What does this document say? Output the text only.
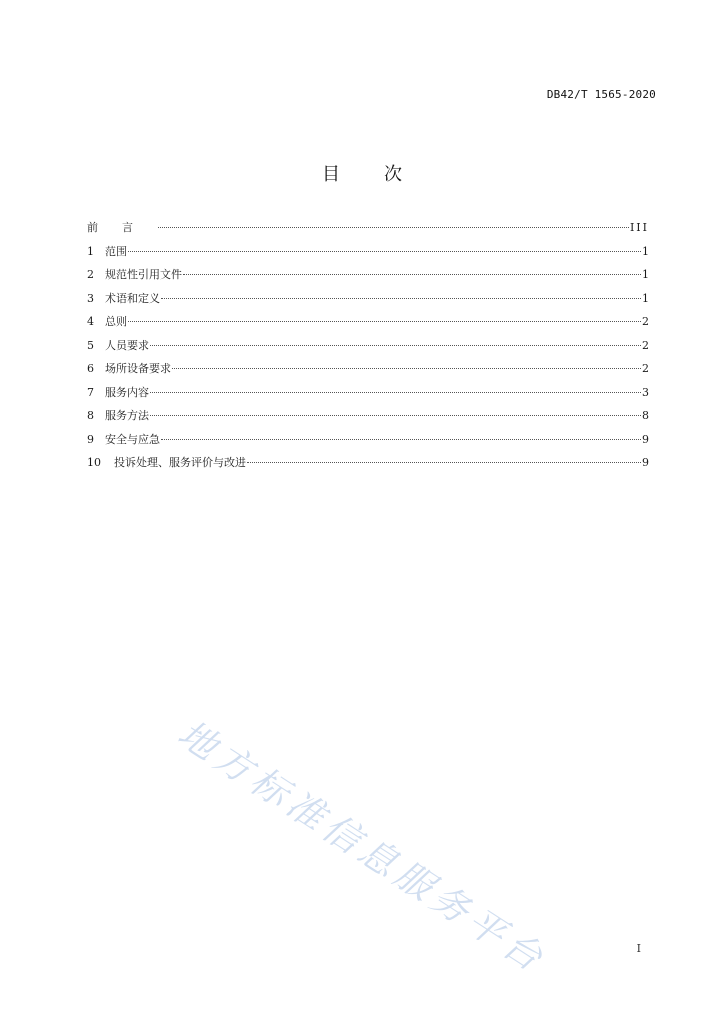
DB42/T 1565-2020
目 次
前言	III
1	范围	1
2	规范性引用文件	1
3	术语和定义	1
4	总则	2
5	人员要求	2
6	场所设备要求	2
7	服务内容	3
8	服务方法	8
9	安全与应急	9
10	投诉处理、服务评价与改进	9
地方标准信息服务平台	I
